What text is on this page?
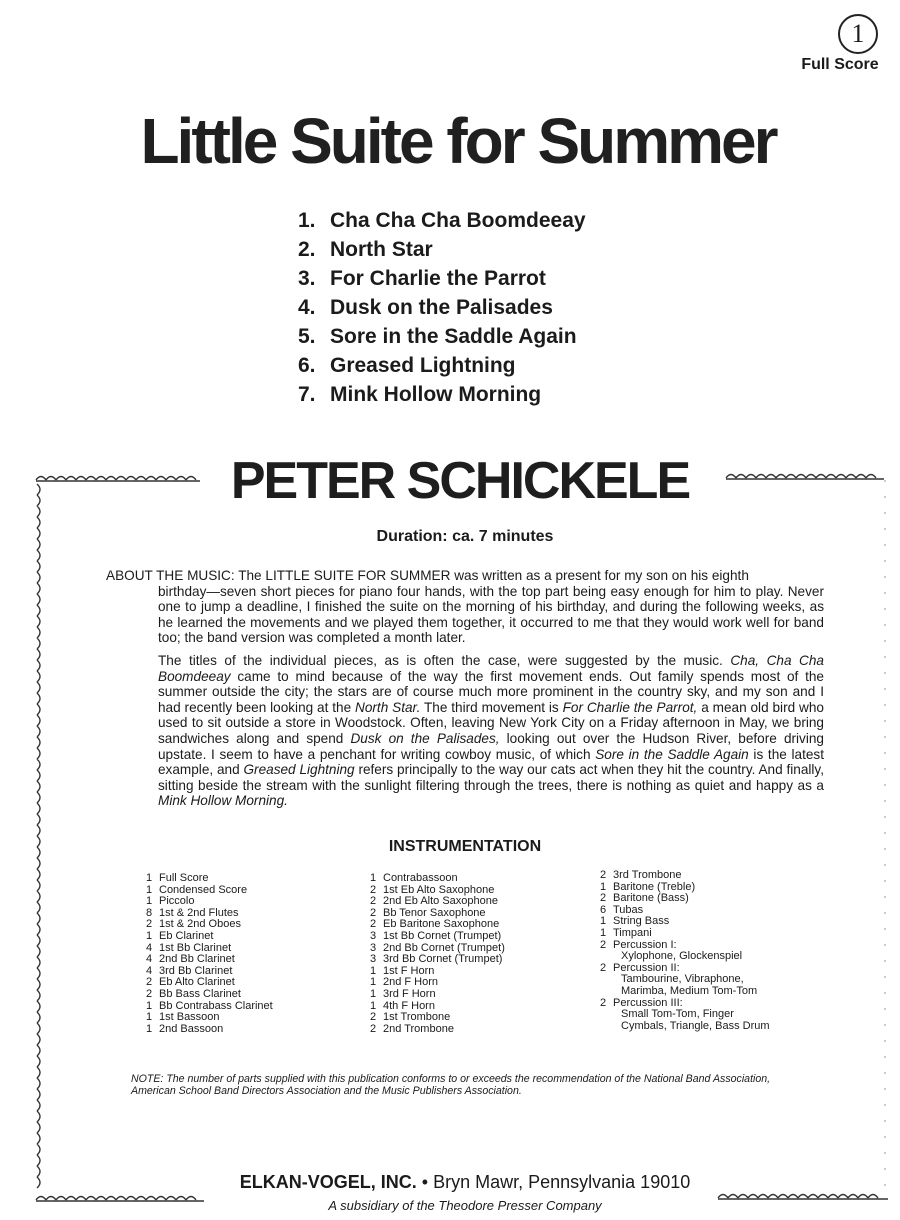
1
Full Score
Little Suite for Summer
1. Cha Cha Cha Boomdeeay
2. North Star
3. For Charlie the Parrot
4. Dusk on the Palisades
5. Sore in the Saddle Again
6. Greased Lightning
7. Mink Hollow Morning
PETER SCHICKELE
Duration: ca. 7 minutes

ABOUT THE MUSIC: The LITTLE SUITE FOR SUMMER was written as a present for my son on his eighth
birthday—seven short pieces for piano four hands, with the top part being easy enough for him to play. Never one to jump a deadline, I finished the suite on the morning of his birthday, and during the following weeks, as he learned the movements and we played them together, it occurred to me that they would work well for band too; the band version was completed a month later.

The titles of the individual pieces, as is often the case, were suggested by the music. Cha, Cha Cha Boomdeeay came to mind because of the way the first movement ends. Out family spends most of the summer outside the city; the stars are of course much more prominent in the country sky, and my son and I had recently been looking at the North Star. The third movement is For Charlie the Parrot, a mean old bird who used to sit outside a store in Woodstock. Often, leaving New York City on a Friday afternoon in May, we bring sandwiches along and spend Dusk on the Palisades, looking out over the Hudson River, before driving upstate. I seem to have a penchant for writing cowboy music, of which Sore in the Saddle Again is the latest example, and Greased Lightning refers principally to the way our cats act when they hit the country. And finally, sitting beside the stream with the sunlight filtering through the trees, there is nothing as quiet and happy as a Mink Hollow Morning.

INSTRUMENTATION
1 Full Score
1 Condensed Score
1 Piccolo
8 1st & 2nd Flutes
2 1st & 2nd Oboes
1 Eb Clarinet
4 1st Bb Clarinet
4 2nd Bb Clarinet
4 3rd Bb Clarinet
2 Eb Alto Clarinet
2 Bb Bass Clarinet
1 Bb Contrabass Clarinet
1 1st Bassoon
1 2nd Bassoon
1 Contrabassoon
2 1st Eb Alto Saxophone
2 2nd Eb Alto Saxophone
2 Bb Tenor Saxophone
2 Eb Baritone Saxophone
3 1st Bb Cornet (Trumpet)
3 2nd Bb Cornet (Trumpet)
3 3rd Bb Cornet (Trumpet)
1 1st F Horn
1 2nd F Horn
1 3rd F Horn
1 4th F Horn
2 1st Trombone
2 2nd Trombone
2 3rd Trombone
1 Baritone (Treble)
2 Baritone (Bass)
6 Tubas
1 String Bass
1 Timpani
2 Percussion I:
Xylophone, Glockenspiel
2 Percussion II:
Tambourine, Vibraphone,
Marimba, Medium Tom-Tom
2 Percussion III:
Small Tom-Tom, Finger
Cymbals, Triangle, Bass Drum

NOTE: The number of parts supplied with this publication conforms to or exceeds the recommendation of the National Band Association, American School Band Directors Association and the Music Publishers Association.

ELKAN-VOGEL, INC. • Bryn Mawr, Pennsylvania 19010
A subsidiary of the Theodore Presser Company
